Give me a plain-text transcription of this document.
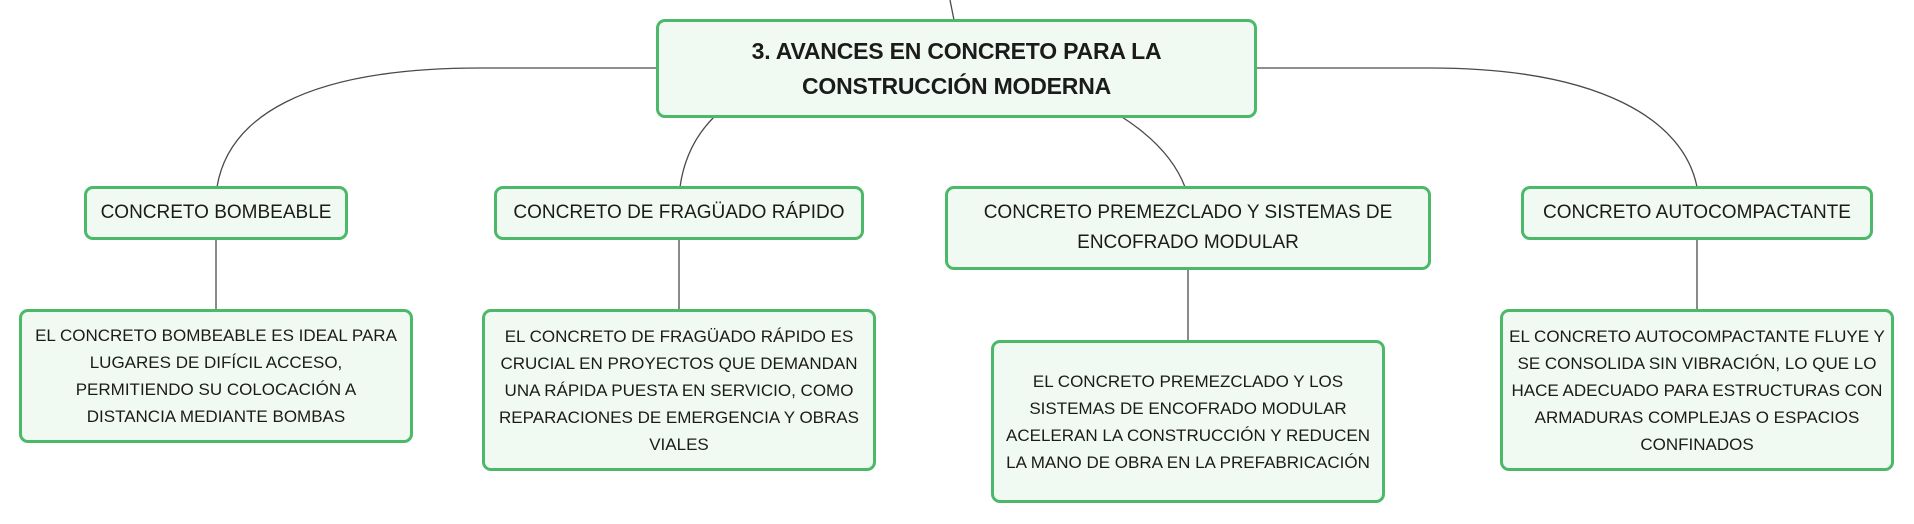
3. AVANCES EN CONCRETO PARA LA CONSTRUCCIÓN MODERNA
CONCRETO BOMBEABLE	CONCRETO DE FRAGÜADO RÁPIDO	CONCRETO PREMEZCLADO Y SISTEMAS DE ENCOFRADO MODULAR
CONCRETO AUTOCOMPACTANTE
EL CONCRETO BOMBEABLE ES IDEAL PARA LUGARES DE DIFÍCIL ACCESO, PERMITIENDO SU COLOCACIÓN A DISTANCIA MEDIANTE BOMBAS
EL CONCRETO DE FRAGÜADO RÁPIDO ES CRUCIAL EN PROYECTOS QUE DEMANDAN UNA RÁPIDA PUESTA EN SERVICIO, COMO REPARACIONES DE EMERGENCIA Y OBRAS VIALES
EL CONCRETO PREMEZCLADO Y LOS SISTEMAS DE ENCOFRADO MODULAR ACELERAN LA CONSTRUCCIÓN Y REDUCEN LA MANO DE OBRA EN LA PREFABRICACIÓN
EL CONCRETO AUTOCOMPACTANTE FLUYE Y SE CONSOLIDA SIN VIBRACIÓN, LO QUE LO HACE ADECUADO PARA ESTRUCTURAS CON ARMADURAS COMPLEJAS O ESPACIOS CONFINADOS
